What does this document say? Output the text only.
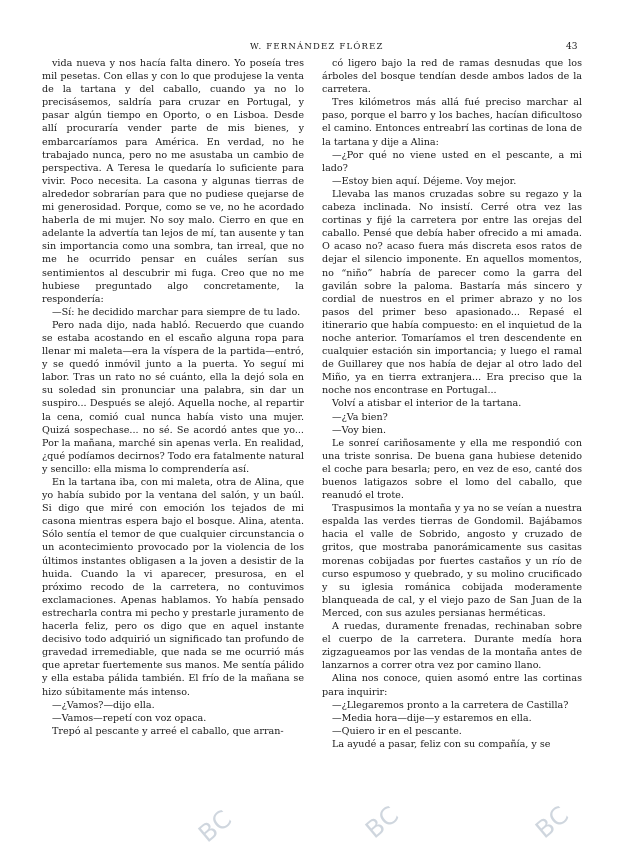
W. FERNÁNDEZ FLÓREZ	43

vida nueva y nos hacía falta dinero. Yo poseía tres mil pesetas. Con ellas y con lo que produjese la venta de la tartana y del caballo, cuando ya no lo precisásemos, saldría para cruzar en Portugal, y pasar algún tiempo en Oporto, o en Lisboa. Desde allí procuraría vender parte de mis bienes, y embarcaríamos para América. En verdad, no he trabajado nunca, pero no me asustaba un cambio de perspectiva. A Teresa le quedaría lo suficiente para vivir. Poco necesita. La casona y algunas tierras de alrededor sobrarían para que no pudiese quejarse de mi generosidad. Porque, como se ve, no he acordado haberla de mi mujer. No soy malo. Cierro en que en adelante la advertía tan lejos de mí, tan ausente y tan sin importancia como una sombra, tan irreal, que no me he ocurrido pensar en cuáles serían sus sentimientos al descubrir mi fuga. Creo que no me hubiese preguntado algo concretamente, la respondería:

—Sí: he decidido marchar para siempre de tu lado.

Pero nada dijo, nada habló. Recuerdo que cuando se estaba acostando en el escaño alguna ropa para llenar mi maleta—era la víspera de la partida—entró, y se quedó inmóvil junto a la puerta. Yo seguí mi labor. Tras un rato no sé cuánto, ella la dejó sola en su soledad sin pronunciar una palabra, sin dar un suspiro... Después se alejó. Aquella noche, al repartir la cena, comió cual nunca había visto una mujer. Quizá sospechase... no sé. Se acordó antes que yo... Por la mañana, marché sin apenas verla. En realidad, ¿qué podíamos decirnos? Todo era fatalmente natural y sencillo: ella misma lo comprendería así.

En la tartana iba, con mi maleta, otra de Alina, que yo había subido por la ventana del salón, y un baúl. Si digo que miré con emoción los tejados de mi casona mientras espera bajo el bosque. Alina, atenta. Sólo sentía el temor de que cualquier circunstancia o un acontecimiento provocado por la violencia de los últimos instantes obligasen a la joven a desistir de la huida. Cuando la vi aparecer, presurosa, en el próximo recodo de la carretera, no contuvimos exclamaciones. Apenas hablamos. Yo había pensado estrecharla contra mi pecho y prestarle juramento de hacerla feliz, pero os digo que en aquel instante decisivo todo adquirió un significado tan profundo de gravedad irremediable, que nada se me ocurrió más que apretar fuertemente sus manos. Me sentía pálido y ella estaba pálida también. El frío de la mañana se hizo súbitamente más intenso.

—¿Vamos?—dijo ella.

—Vamos—repetí con voz opaca.

Trepó al pescante y arreé el caballo, que arran-

có ligero bajo la red de ramas desnudas que los árboles del bosque tendían desde ambos lados de la carretera.

Tres kilómetros más allá fué preciso marchar al paso, porque el barro y los baches, hacían dificultoso el camino. Entonces entreabrí las cortinas de lona de la tartana y dije a Alina:

—¿Por qué no viene usted en el pescante, a mi lado?

—Estoy bien aquí. Déjeme. Voy mejor.

Llevaba las manos cruzadas sobre su regazo y la cabeza inclinada. No insistí. Cerré otra vez las cortinas y fijé la carretera por entre las orejas del caballo. Pensé que debía haber ofrecido a mi amada. O acaso no? acaso fuera más discreta esos ratos de dejar el silencio imponente. En aquellos momentos, no “niño” habría de parecer como la garra del gavilán sobre la paloma. Bastaría más sincero y cordial de nuestros en el primer abrazo y no los pasos del primer beso apasionado... Repasé el itinerario que había compuesto: en el inquietud de la noche anterior. Tomaríamos el tren descendente en cualquier estación sin importancia; y luego el ramal de Guillarey que nos había de dejar al otro lado del Miño, ya en tierra extranjera... Era preciso que la noche nos encontrase en Portugal...

Volví a atisbar el interior de la tartana.

—¿Va bien?

—Voy bien.

Le sonreí cariñosamente y ella me respondió con una triste sonrisa. De buena gana hubiese detenido el coche para besarla; pero, en vez de eso, canté dos buenos latigazos sobre el lomo del caballo, que reanudó el trote.

Traspusimos la montaña y ya no se veían a nuestra espalda las verdes tierras de Gondomil. Bajábamos hacia el valle de Sobrido, angosto y cruzado de gritos, que mostraba panorámicamente sus casitas morenas cobijadas por fuertes castaños y un río de curso espumoso y quebrado, y su molino crucificado y su iglesia románica cobijada moderamente blanqueada de cal, y el viejo pazo de San Juan de la Merced, con sus azules persianas herméticas.

A ruedas, duramente frenadas, rechinaban sobre el cuerpo de la carretera. Durante medía hora zigzagueamos por las vendas de la montaña antes de lanzarnos a correr otra vez por camino llano.

Alina nos conoce, quien asomó entre las cortinas para inquirir:

—¿Llegaremos pronto a la carretera de Castilla?

—Media hora—dije—y estaremos en ella.

—Quiero ir en el pescante.

La ayudé a pasar, feliz con su compañía, y se

BC	BC	BC
